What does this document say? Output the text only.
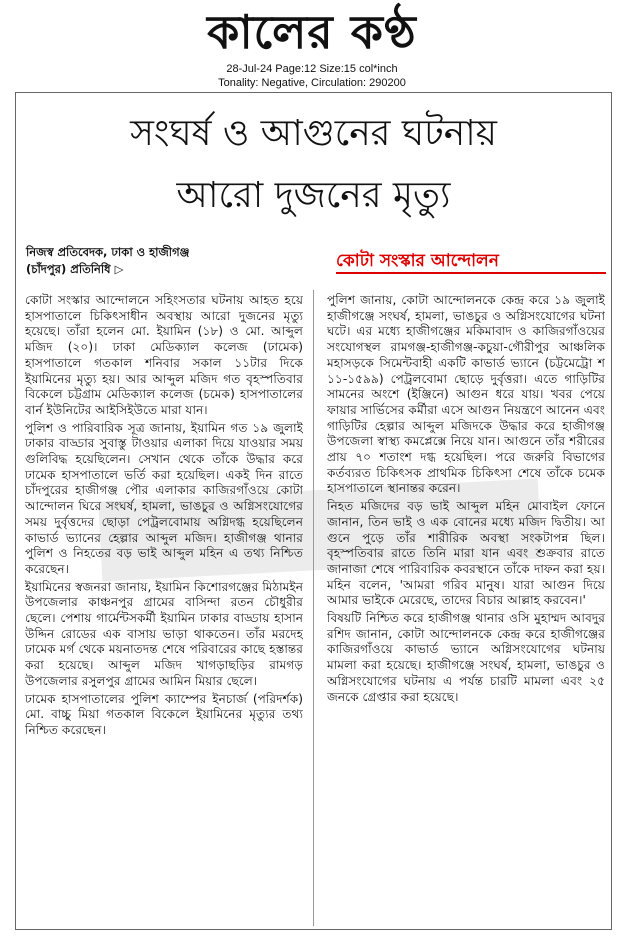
কালের কণ্ঠ
28-Jul-24 Page:12 Size:15 col*inch
Tonality: Negative, Circulation: 290200
সংঘর্ষ ও আগুনের ঘটনায়
আরো দুজনের মৃত্যু
নিজস্ব প্রতিবেদক, ঢাকা ও হাজীগঞ্জ
(চাঁদপুর) প্রতিনিধি ▷	কোটা সংস্কার আন্দোলন

কোটা সংস্কার আন্দোলনে সহিংসতার ঘটনায় আহত হয়ে হাসপাতালে চিকিৎসাধীন অবস্থায় আরো দুজনের মৃত্যু হয়েছে। তাঁরা হলেন মো. ইয়ামিন (১৮) ও মো. আব্দুল মজিদ (২০)। ঢাকা মেডিক্যাল কলেজ (ঢামেক) হাসপাতালে গতকাল শনিবার সকাল ১১টার দিকে ইয়ামিনের মৃত্যু হয়। আর আব্দুল মজিদ গত বৃহস্পতিবার বিকেলে চট্টগ্রাম মেডিক্যাল কলেজ (চমেক) হাসপাতালের বার্ন ইউনিটের আইসিইউতে মারা যান।

পুলিশ ও পারিবারিক সূত্র জানায়, ইয়ামিন গত ১৯ জুলাই ঢাকার বাড্ডার সুবাস্তু টাওয়ার এলাকা দিয়ে যাওয়ার সময় গুলিবিদ্ধ হয়েছিলেন। সেখান থেকে তাঁকে উদ্ধার করে ঢামেক হাসপাতালে ভর্তি করা হয়েছিল। একই দিন রাতে চাঁদপুরের হাজীগঞ্জ পৌর এলাকার কাজিরগাঁওয়ে কোটা আন্দোলন ঘিরে সংঘর্ষ, হামলা, ভাঙচুর ও অগ্নিসংযোগের সময় দুর্বৃত্তদের ছোড়া পেট্রলবোমায় অগ্নিদগ্ধ হয়েছিলেন কাভার্ড ভ্যানের হেল্পার আব্দুল মজিদ। হাজীগঞ্জ থানার পুলিশ ও নিহতের বড় ভাই আব্দুল মহিন এ তথ্য নিশ্চিত করেছেন।

ইয়ামিনের স্বজনরা জানায়, ইয়ামিন কিশোরগঞ্জের মিঠামইন উপজেলার কাঞ্চনপুর গ্রামের বাসিন্দা রতন চৌধুরীর ছেলে। পেশায় গার্মেন্টসকর্মী ইয়ামিন ঢাকার বাড্ডায় হাসান উদ্দিন রোডের এক বাসায় ভাড়া থাকতেন। তাঁর মরদেহ ঢামেক মর্গ থেকে ময়নাতদন্ত শেষে পরিবারের কাছে হস্তান্তর করা হয়েছে। আব্দুল মজিদ খাগড়াছড়ির রামগড় উপজেলার রসুলপুর গ্রামের আমিন মিয়ার ছেলে।

ঢামেক হাসপাতালের পুলিশ ক্যাম্পের ইনচার্জ (পরিদর্শক) মো. বাচ্চু মিয়া গতকাল বিকেলে ইয়ামিনের মৃত্যুর তথ্য নিশ্চিত করেছেন।

পুলিশ জানায়, কোটা আন্দোলনকে কেন্দ্র করে ১৯ জুলাই হাজীগঞ্জে সংঘর্ষ, হামলা, ভাঙচুর ও অগ্নিসংযোগের ঘটনা ঘটে। এর মধ্যে হাজীগঞ্জের মকিমাবাদ ও কাজিরগাঁওয়ের সংযোগস্থল রামগঞ্জ-হাজীগঞ্জ-কচুয়া-গৌরীপুর আঞ্চলিক মহাসড়কে সিমেন্টবাহী একটি কাভার্ড ভ্যানে (চট্টমেট্রো শ ১১-১৫৯৯) পেট্রলবোমা ছোড়ে দুর্বৃত্তরা। এতে গাড়িটির সামনের অংশে (ইঞ্জিনে) আগুন ধরে যায়। খবর পেয়ে ফায়ার সার্ভিসের কর্মীরা এসে আগুন নিয়ন্ত্রণে আনেন এবং গাড়িটির হেল্পার আব্দুল মজিদকে উদ্ধার করে হাজীগঞ্জ উপজেলা স্বাস্থ্য কমপ্লেক্সে নিয়ে যান। আগুনে তাঁর শরীরের প্রায় ৭০ শতাংশ দগ্ধ হয়েছিল। পরে জরুরি বিভাগের কর্তব্যরত চিকিৎসক প্রাথমিক চিকিৎসা শেষে তাঁকে চমেক হাসপাতালে স্থানান্তর করেন।

নিহত মজিদের বড় ভাই আব্দুল মহিন মোবাইল ফোনে জানান, তিন ভাই ও এক বোনের মধ্যে মজিদ দ্বিতীয়। আ গুনে পুড়ে তাঁর শারীরিক অবস্থা সংকটাপন্ন ছিল। বৃহস্পতিবার রাতে তিনি মারা যান এবং শুক্রবার রাতে জানাজা শেষে পারিবারিক কবরস্থানে তাঁকে দাফন করা হয়। মহিন বলেন, 'আমরা গরিব মানুষ। যারা আগুন দিয়ে আমার ভাইকে মেরেছে, তাদের বিচার আল্লাহ করবেন।'

বিষয়টি নিশ্চিত করে হাজীগঞ্জ থানার ওসি মুহাম্মদ আবদুর রশিদ জানান, কোটা আন্দোলনকে কেন্দ্র করে হাজীগঞ্জের কাজিরগাঁওয়ে কাভার্ড ভ্যানে অগ্নিসংযোগের ঘটনায় মামলা করা হয়েছে। হাজীগঞ্জে সংঘর্ষ, হামলা, ভাঙচুর ও অগ্নিসংযোগের ঘটনায় এ পর্যন্ত চারটি মামলা এবং ২৫ জনকে গ্রেপ্তার করা হয়েছে।
